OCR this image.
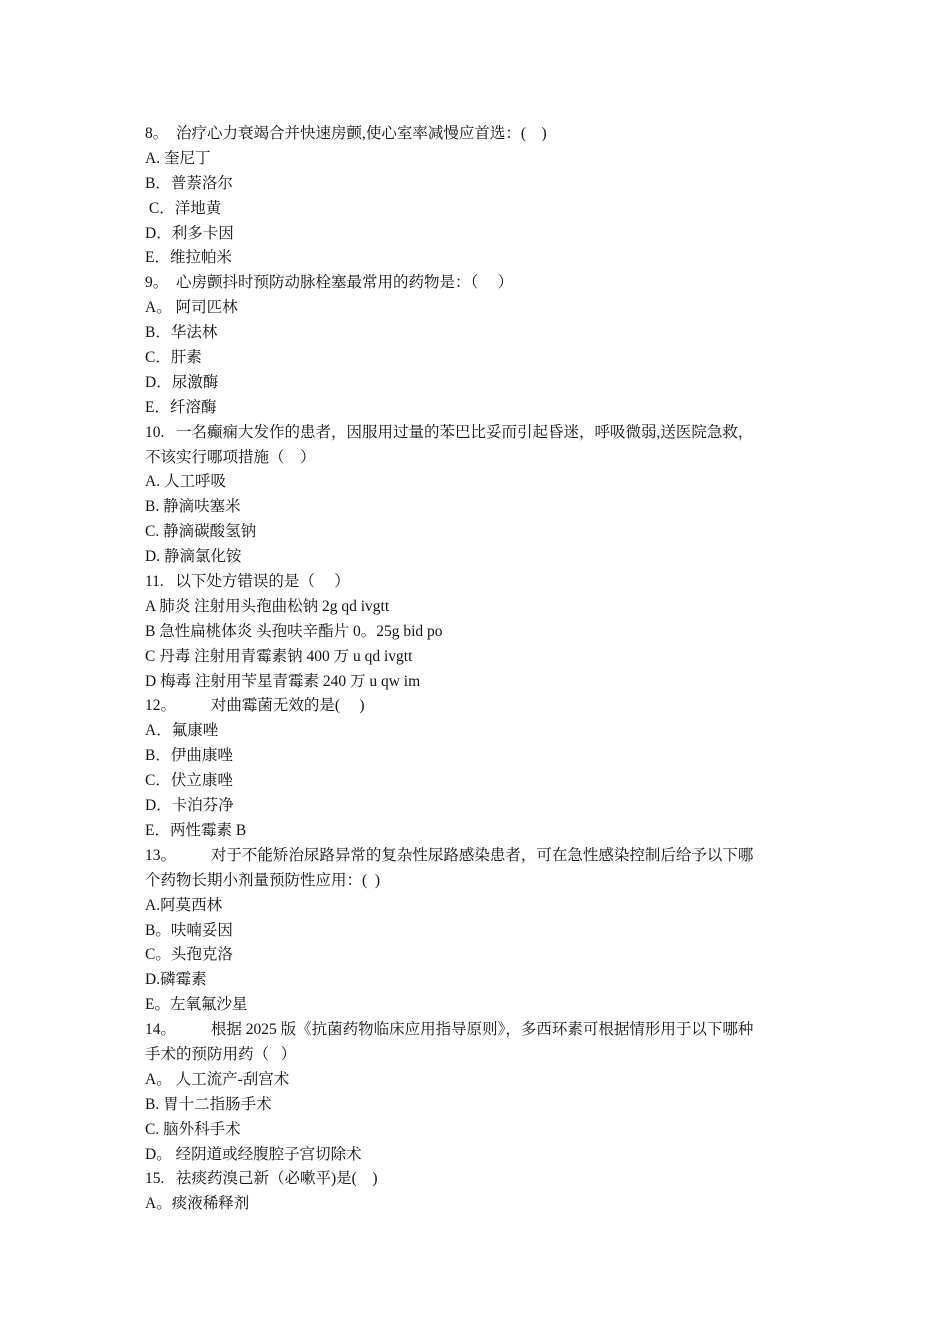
8。  治疗心力衰竭合并快速房颤,使心室率减慢应首选：(    )
A. 奎尼丁
B．普萘洛尔
C．洋地黄
D．利多卡因
E．维拉帕米
9。  心房颤抖时预防动脉栓塞最常用的药物是：（     ）
A。 阿司匹林
B．华法林
C．肝素
D．尿激酶
E．纤溶酶
10.   一名癫痫大发作的患者，因服用过量的苯巴比妥而引起昏迷，呼吸微弱,送医院急救，
不该实行哪项措施（    ）
A. 人工呼吸
B. 静滴呋塞米
C. 静滴碳酸氢钠
D. 静滴氯化铵
11.   以下处方错误的是（     ）
A 肺炎 注射用头孢曲松钠 2g qd ivgtt
B 急性扁桃体炎 头孢呋辛酯片 0。25g bid po
C 丹毒 注射用青霉素钠 400 万 u qd ivgtt
D 梅毒 注射用苄星青霉素 240 万 u qw im
12。         对曲霉菌无效的是(     )
A．氟康唑
B．伊曲康唑
C．伏立康唑
D．卡泊芬净
E．两性霉素 B
13。         对于不能矫治尿路异常的复杂性尿路感染患者，可在急性感染控制后给予以下哪
个药物长期小剂量预防性应用：(  )
A.阿莫西林
B。呋喃妥因
C。头孢克洛
D.磷霉素
E。左氧氟沙星
14。         根据 2025 版《抗菌药物临床应用指导原则》，多西环素可根据情形用于以下哪种
手术的预防用药（   ）
A。 人工流产-刮宫术
B. 胃十二指肠手术
C. 脑外科手术
D。 经阴道或经腹腔子宫切除术
15.   祛痰药溴己新（必嗽平)是(    )
A。痰液稀释剂
